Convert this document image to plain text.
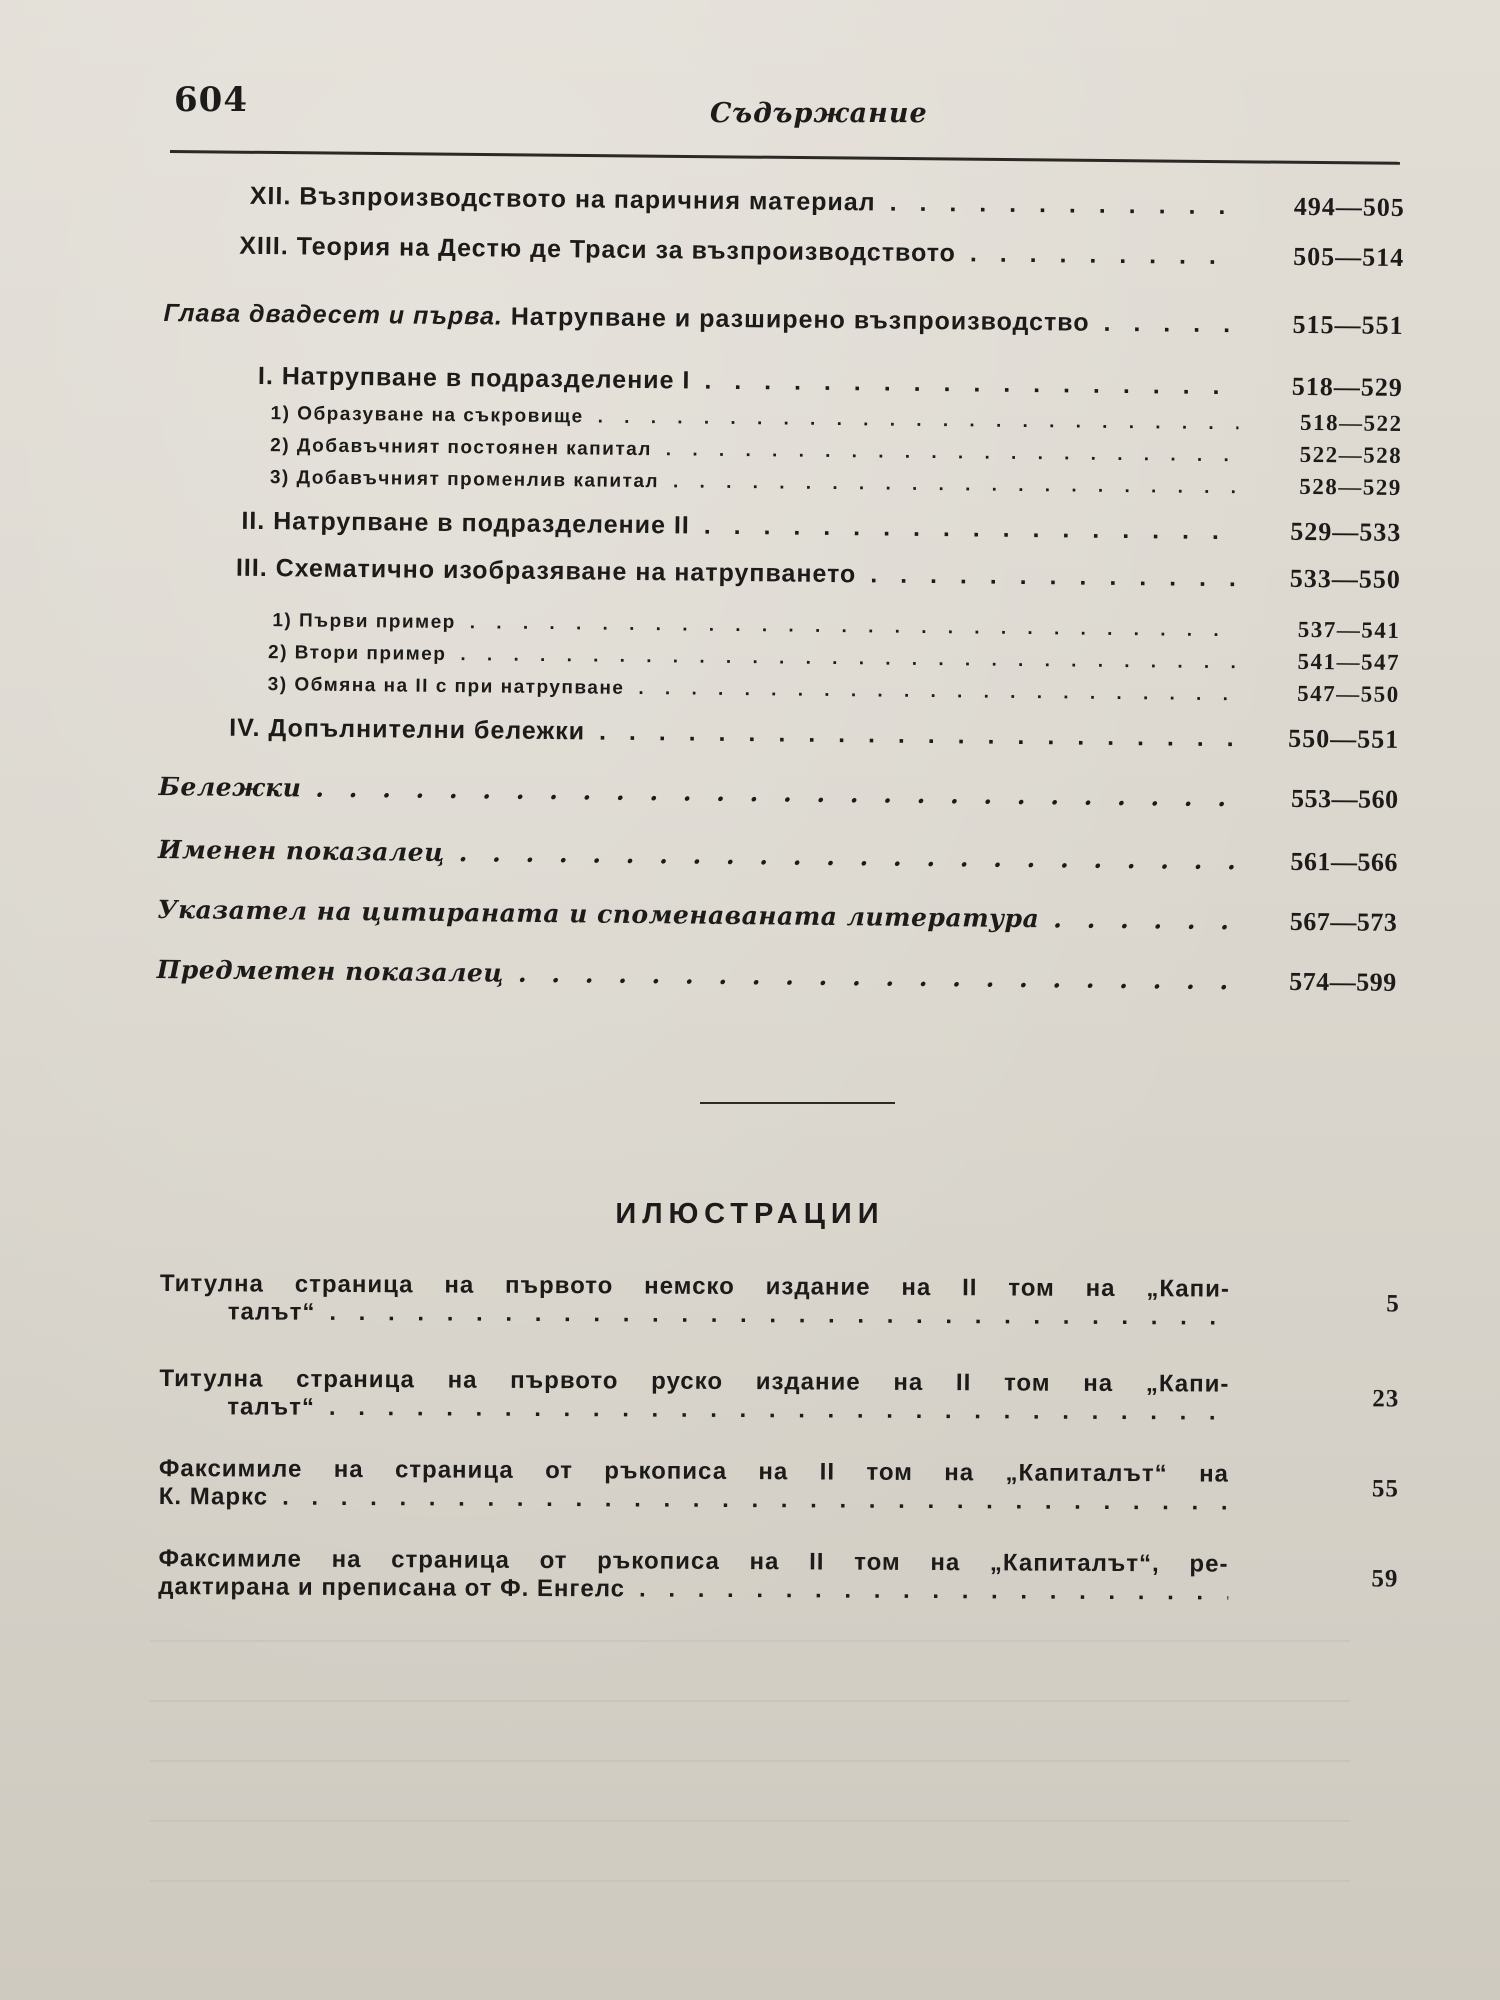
604	Съдържание
XII. Възпроизводството на паричния материал . . .	494—505
XIII. Теория на Дестю де Траси за възпроизводството . . .	505—514
Глава двадесет и първа. Натрупване и разширено възпроизводство . . .	515—551
I. Натрупване в подразделение I . . .	518—529
1) Образуване на съкровище . . .	518—522
2) Добавъчният постоянен капитал . . .	522—528
3) Добавъчният променлив капитал . . .	528—529
II. Натрупване в подразделение II . . .	529—533
III. Схематично изобразяване на натрупването . . .	533—550
1) Първи пример . . .	537—541
2) Втори пример . . .	541—547
3) Обмяна на II c при натрупване . . .	547—550
IV. Допълнителни бележки . . .	550—551
Бележки . . .	553—560
Именен показалец . . .	561—566
Указател на цитираната и споменаваната литература . . .	567—573
Предметен показалец . . .	574—599
ИЛЮСТРАЦИИ
Титулна страница на първото немско издание на II том на „Капи-
талът“ . . .	5
Титулна страница на първото руско издание на II том на „Капи-
талът“ . . .	23
Факсимиле на страница от ръкописа на II том на „Капиталът“ на
К. Маркс . . .	55
Факсимиле на страница от ръкописа на II том на „Капиталът“, ре-
дактирана и преписана от Ф. Енгелс . . .	59
